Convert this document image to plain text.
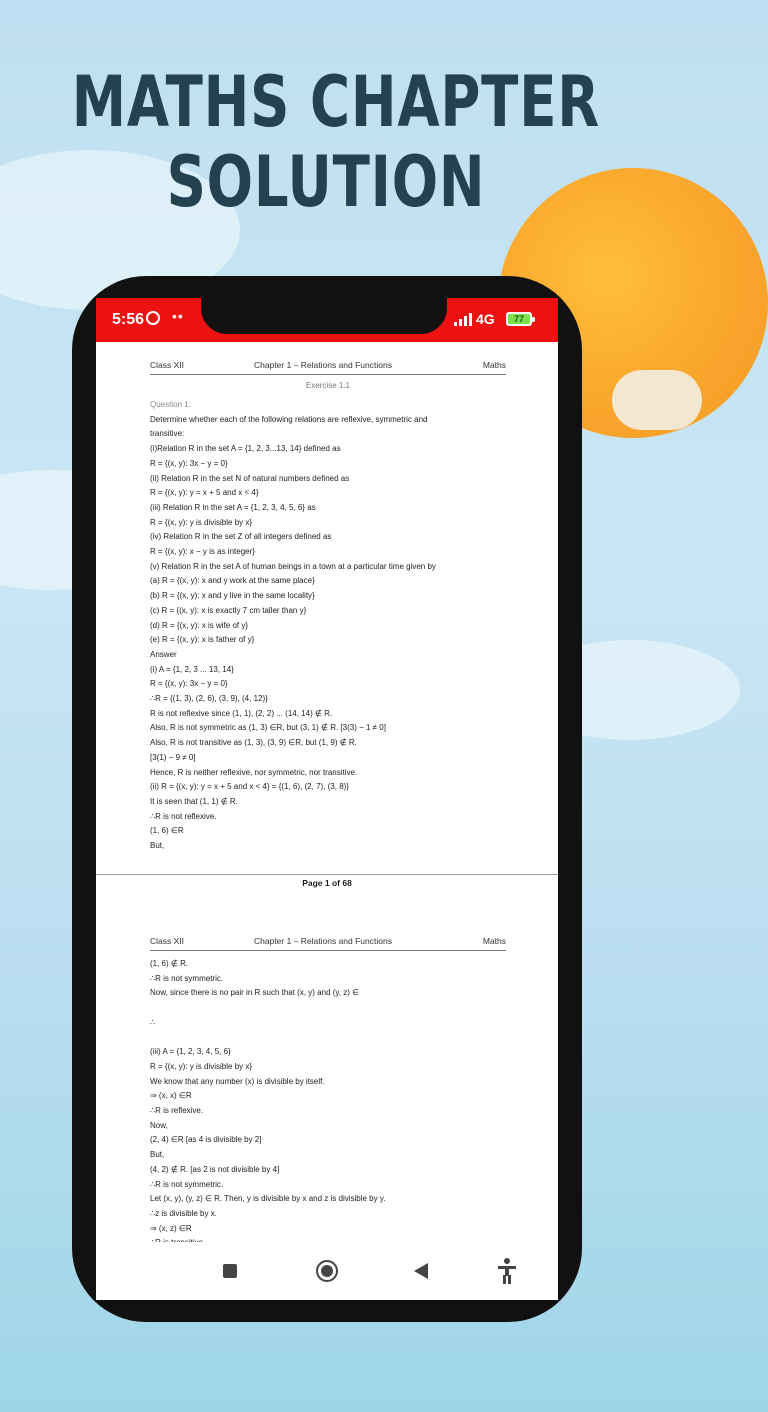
MATHS CHAPTER
SOLUTION
5:56 ••	4G	77
Class XII	Chapter 1 – Relations and Functions	Maths
Exercise 1.1
Question 1:
Determine whether each of the following relations are reflexive, symmetric and
transitive:
(i)Relation R in the set A = {1, 2, 3...13, 14} defined as
R = {(x, y): 3x − y = 0}
(ii) Relation R in the set N of natural numbers defined as
R = {(x, y): y = x + 5 and x < 4}
(iii) Relation R in the set A = {1, 2, 3, 4, 5, 6} as
R = {(x, y): y is divisible by x}
(iv) Relation R in the set Z of all integers defined as
R = {(x, y): x − y is as integer}
(v) Relation R in the set A of human beings in a town at a particular time given by
(a) R = {(x, y): x and y work at the same place}
(b) R = {(x, y): x and y live in the same locality}
(c) R = {(x, y): x is exactly 7 cm taller than y}
(d) R = {(x, y): x is wife of y}
(e) R = {(x, y): x is father of y}
Answer
(i) A = {1, 2, 3 ... 13, 14}
R = {(x, y): 3x − y = 0}
∴R = {(1, 3), (2, 6), (3, 9), (4, 12)}
R is not reflexive since (1, 1), (2, 2) ... (14, 14) ∉ R.
Also, R is not symmetric as (1, 3) ∈R, but (3, 1) ∉ R. [3(3) − 1 ≠ 0]
Also, R is not transitive as (1, 3), (3, 9) ∈R, but (1, 9) ∉ R.
[3(1) − 9 ≠ 0]
Hence, R is neither reflexive, nor symmetric, nor transitive.
(ii) R = {(x, y): y = x + 5 and x < 4} = {(1, 6), (2, 7), (3, 8)}
It is seen that (1, 1) ∉ R.
∴R is not reflexive.
(1, 6) ∈R
But,
Page 1 of 68
Class XII	Chapter 1 – Relations and Functions	Maths
(1, 6) ∉ R.
∴R is not symmetric.
Now, since there is no pair in R such that (x, y) and (y, z) ∈

∴

(iii) A = {1, 2, 3, 4, 5, 6}
R = {(x, y): y is divisible by x}
We know that any number (x) is divisible by itself.
⇒ (x, x) ∈R
∴R is reflexive.
Now,
(2, 4) ∈R [as 4 is divisible by 2]
But,
(4, 2) ∉ R. [as 2 is not divisible by 4]
∴R is not symmetric.
Let (x, y), (y, z) ∈ R. Then, y is divisible by x and z is divisible by y.
∴z is divisible by x.
⇒ (x, z) ∈R
